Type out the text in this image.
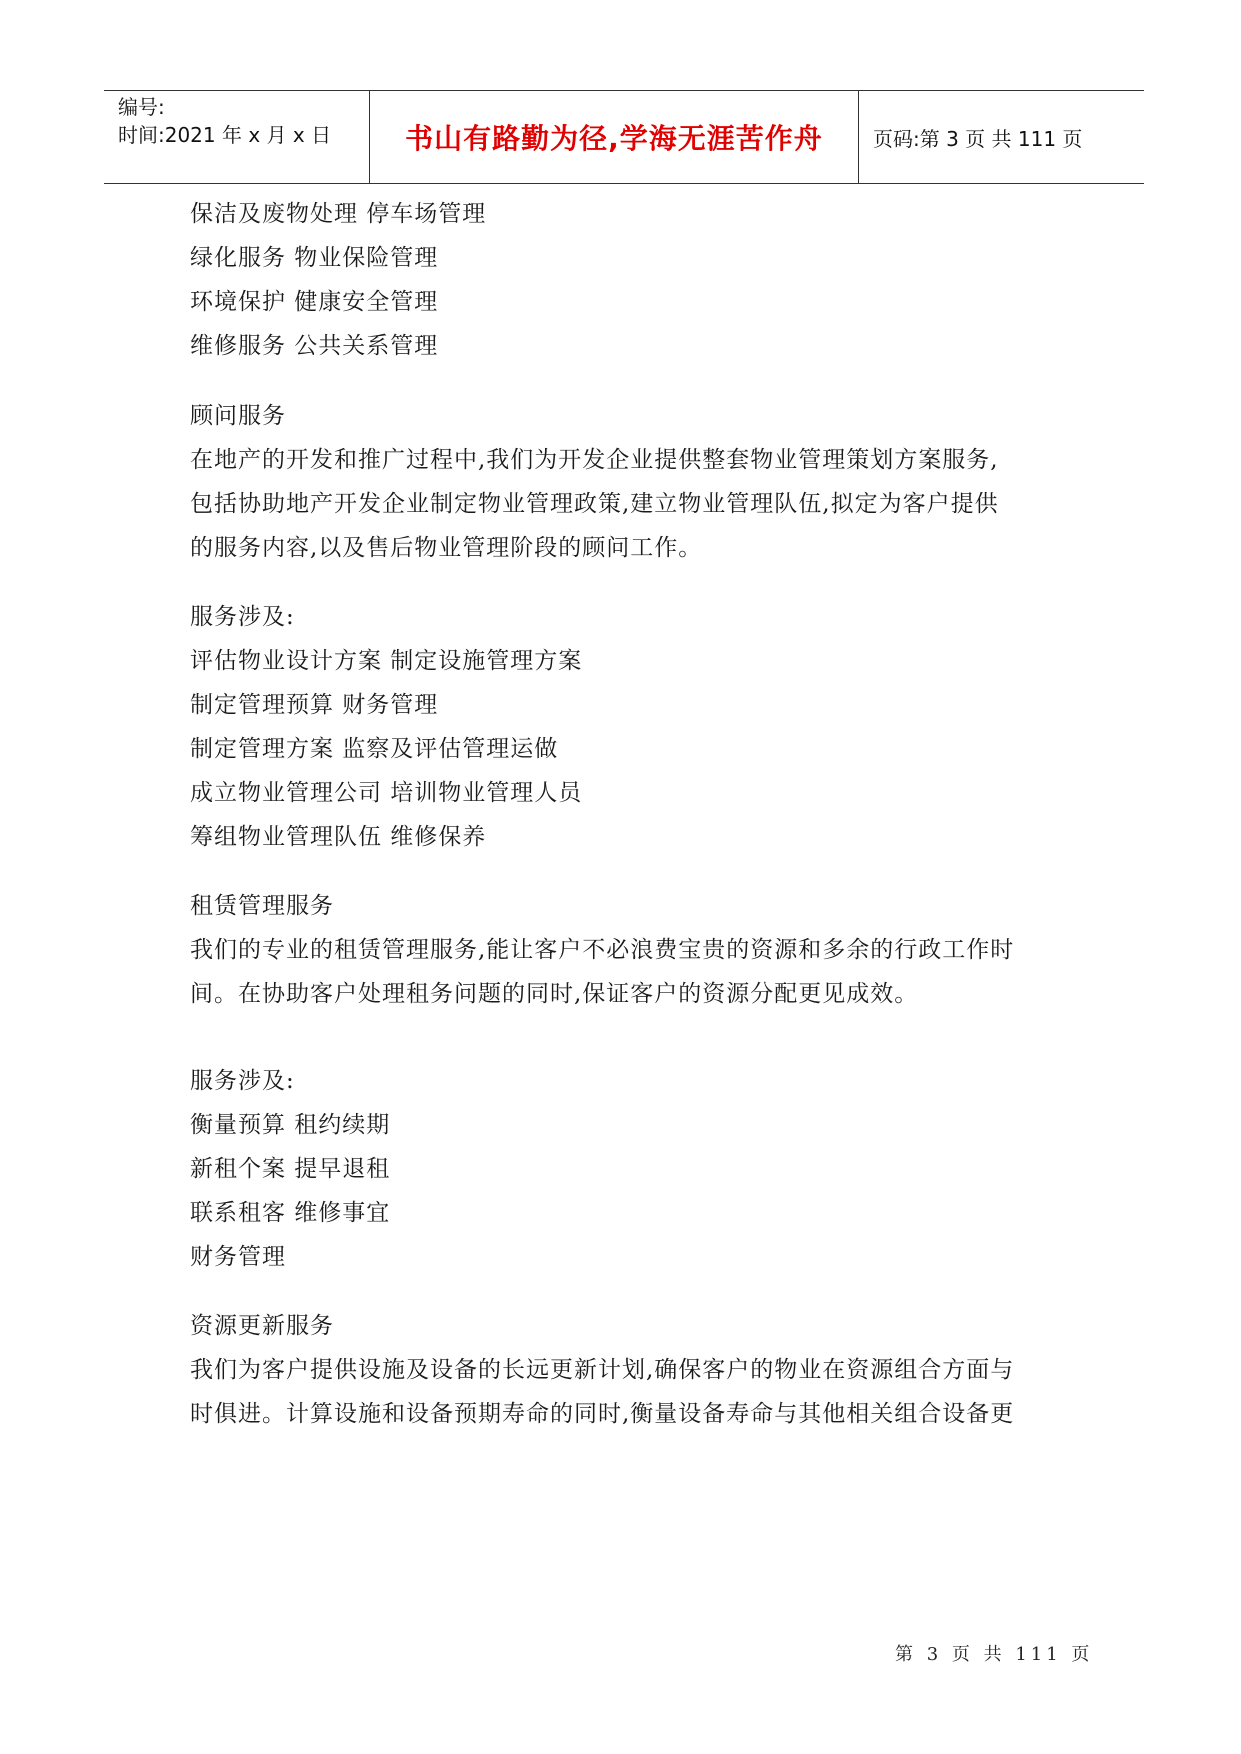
编号:
时间:2021 年 x 月 x 日	书山有路勤为径,学海无涯苦作舟	页码:第 3 页 共 111 页
保洁及废物处理 停车场管理
绿化服务 物业保险管理
环境保护 健康安全管理
维修服务 公共关系管理
顾问服务
在地产的开发和推广过程中,我们为开发企业提供整套物业管理策划方案服务,
包括协助地产开发企业制定物业管理政策,建立物业管理队伍,拟定为客户提供
的服务内容,以及售后物业管理阶段的顾问工作。
服务涉及:
评估物业设计方案 制定设施管理方案
制定管理预算 财务管理
制定管理方案 监察及评估管理运做
成立物业管理公司 培训物业管理人员
筹组物业管理队伍 维修保养
租赁管理服务
我们的专业的租赁管理服务,能让客户不必浪费宝贵的资源和多余的行政工作时
间。在协助客户处理租务问题的同时,保证客户的资源分配更见成效。
服务涉及:
衡量预算 租约续期
新租个案 提早退租
联系租客 维修事宜
财务管理
资源更新服务
我们为客户提供设施及设备的长远更新计划,确保客户的物业在资源组合方面与
时俱进。计算设施和设备预期寿命的同时,衡量设备寿命与其他相关组合设备更
第 3 页 共 111 页
